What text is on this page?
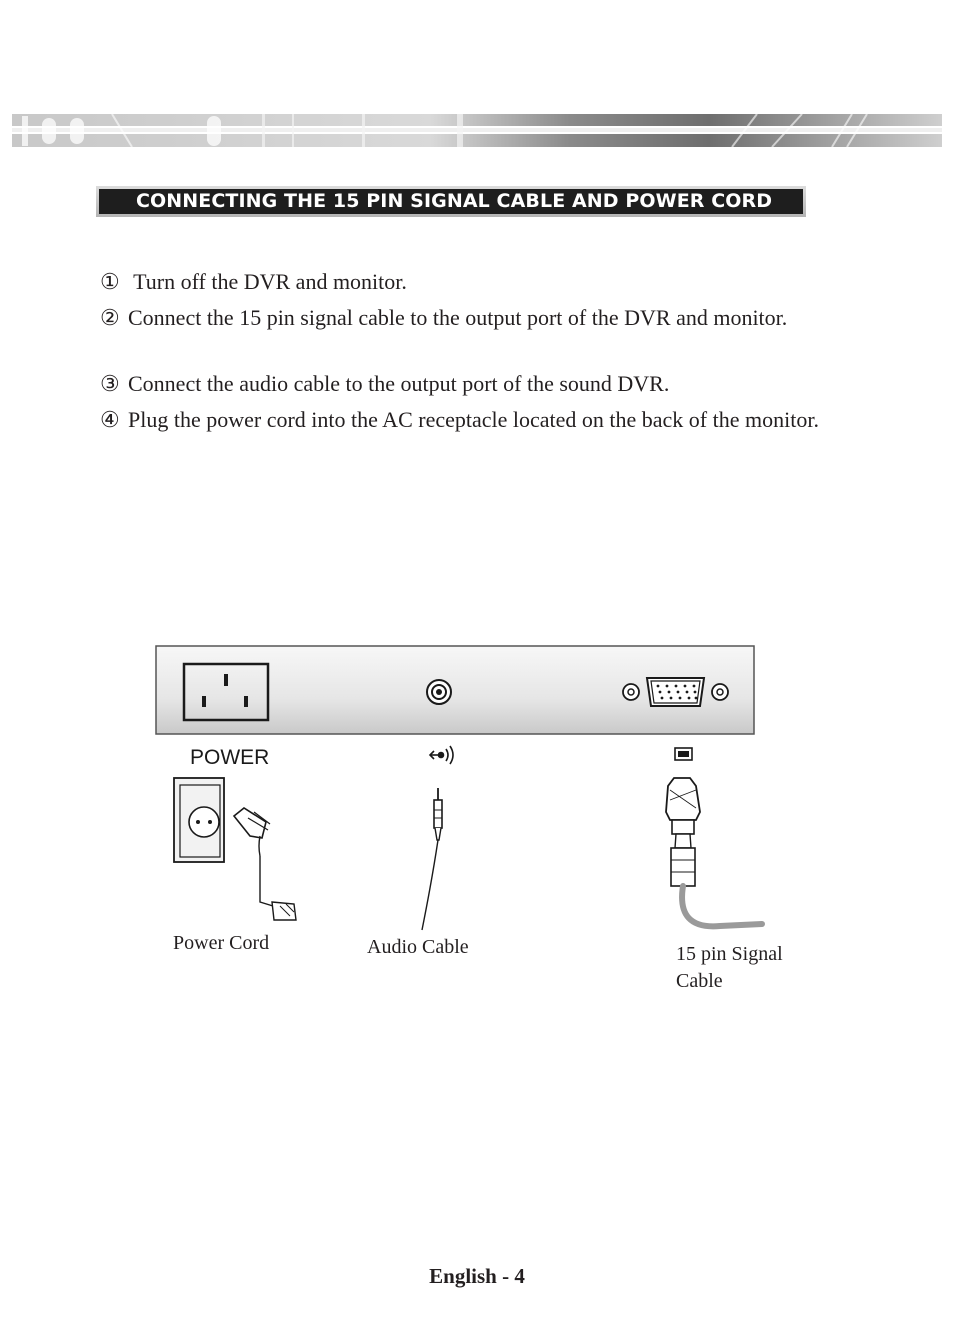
CONNECTING THE 15 PIN SIGNAL CABLE AND POWER CORD
① Turn off the DVR and monitor.
② Connect the 15 pin signal cable to the output port of the DVR and monitor.
③ Connect the audio cable to the output port of the sound DVR.
④ Plug the power cord into the AC receptacle located on the back of the monitor.
POWER
Power Cord	Audio Cable	15 pin Signal
Cable
English - 4
